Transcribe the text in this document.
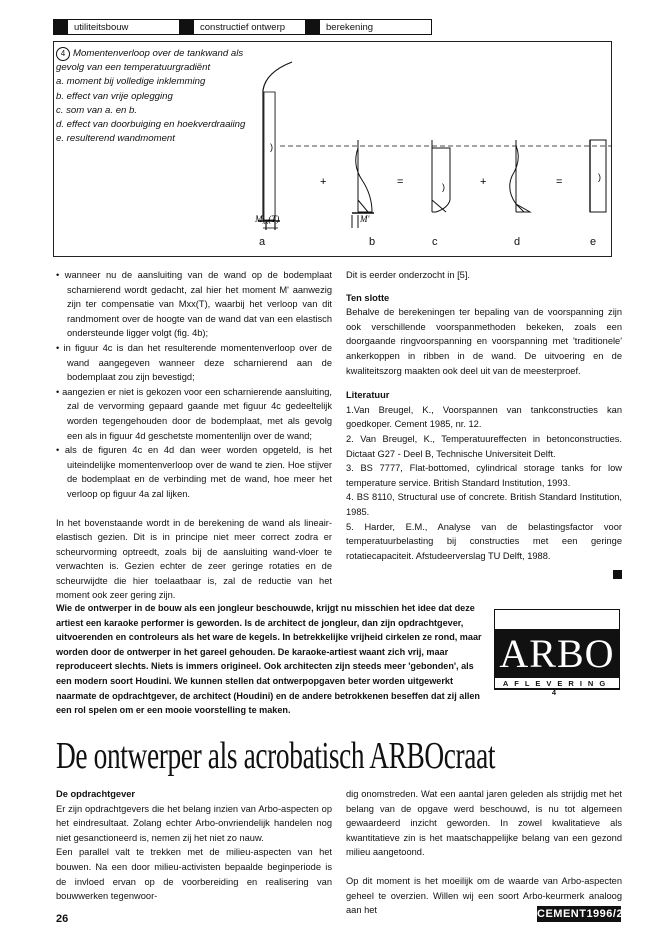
utiliteitsbouw	constructief ontwerp	berekening
4 Momentenverloop over de tankwand als
gevolg van een temperatuurgradiënt
a. moment bij volledige inklemming
b. effect van vrije oplegging
c. som van a. en b.
d. effect van doorbuiging en hoekverdraaiing
e. resulterend wandmoment
)
)
)
+	=	+	=
$M_{xx}(T)$	M'
a	b	c	d	e

• wanneer nu de aansluiting van de wand op de bodemplaat scharnierend wordt gedacht, zal hier het moment M' aanwezig zijn ter compensatie van Mxx(T), waarbij het verloop van dit randmoment over de hoogte van de wand dat van een elastisch ondersteunde ligger volgt (fig. 4b);

• in figuur 4c is dan het resulterende momentenverloop over de wand aangegeven wanneer deze scharnierend aan de bodemplaat zou zijn bevestigd;

• aangezien er niet is gekozen voor een scharnierende aansluiting, zal de vervorming gepaard gaande met figuur 4c gedeeltelijk worden tegengehouden door de bodemplaat, met als gevolg een als in figuur 4d geschetste momentenlijn over de wand;

• als de figuren 4c en 4d dan weer worden opgeteld, is het uiteindelijke momentenverloop over de wand te zien. Hoe stijver de bodemplaat en de verbinding met de wand, hoe meer het verloop op figuur 4a zal lijken.

In het bovenstaande wordt in de berekening de wand als lineair-elastisch gezien. Dit is in principe niet meer correct zodra er scheurvorming optreedt, zoals bij de aansluiting wand-vloer te verwachten is. Gezien echter de zeer geringe rotaties en de scheurwijdte die hier toelaatbaar is, zal de reductie van het moment ook zeer gering zijn.

Dit is eerder onderzocht in [5].

Ten slotte

Behalve de berekeningen ter bepaling van de voorspanning zijn ook verschillende voorspanmethoden bekeken, zoals een doorgaande ringvoorspanning en voorspanning met 'traditionele' ankerkoppen in ribben in de wand. De uitvoering en de kwaliteitszorg maakten ook deel uit van de meesterproef.

Literatuur

1.Van Breugel, K., Voorspannen van tankconstructies kan goedkoper. Cement 1985, nr. 12.

2. Van Breugel, K., Temperatuureffecten in betonconstructies. Dictaat G27 - Deel B, Technische Universiteit Delft.

3. BS 7777, Flat-bottomed, cylindrical storage tanks for low temperature service. British Standard Institution, 1993.

4. BS 8110, Structural use of concrete. British Standard Institution, 1985.

5. Harder, E.M., Analyse van de belastingsfactor voor temperatuurbelasting bij constructies met een geringe rotatiecapaciteit. Afstudeerverslag TU Delft, 1988.

Wie de ontwerper in de bouw als een jongleur beschouwde, krijgt nu misschien het idee dat deze artiest een karaoke performer is geworden. Is de architect de jongleur, dan zijn opdrachtgever, uitvoerenden en controleurs als het ware de kegels. In betrekkelijke vrijheid cirkelen ze rond, maar worden door de ontwerper in het gareel gehouden. De karaoke-artiest waant zich vrij, maar reproduceert slechts. Niets is immers origineel. Ook architecten zijn steeds meer 'gebonden', als een modern soort Houdini. We kunnen stellen dat ontwerpopgaven beter worden uitgewerkt naarmate de opdrachtgever, de architect (Houdini) en de andere betrokkenen beseffen dat zij allen een rol spelen om er een mooie voorstelling te maken.
ARBO
AFLEVERING 4
De ontwerper als acrobatisch ARBOcraat

De opdrachtgever

Er zijn opdrachtgevers die het belang inzien van Arbo-aspecten op het eindresultaat. Zolang echter Arbo-onvriendelijk handelen nog niet gesanctioneerd is, nemen zij het niet zo nauw.

Een parallel valt te trekken met de milieu-aspecten van het bouwen. Na een door milieu-activisten bepaalde beginperiode is de invloed ervan op de voorbereiding en realisering van bouwwerken tegenwoor-

dig onomstreden. Wat een aantal jaren geleden als strijdig met het belang van de opgave werd beschouwd, is nu tot algemeen gewaardeerd inzicht geworden. In zowel kwalitatieve als kwantitatieve zin is het maatschappelijke belang van een gezond milieu aangetoond.

Op dit moment is het moeilijk om de waarde van Arbo-aspecten geheel te overzien. Willen wij een soort Arbo-keurmerk analoog aan het

26	CEMENT1996/2
